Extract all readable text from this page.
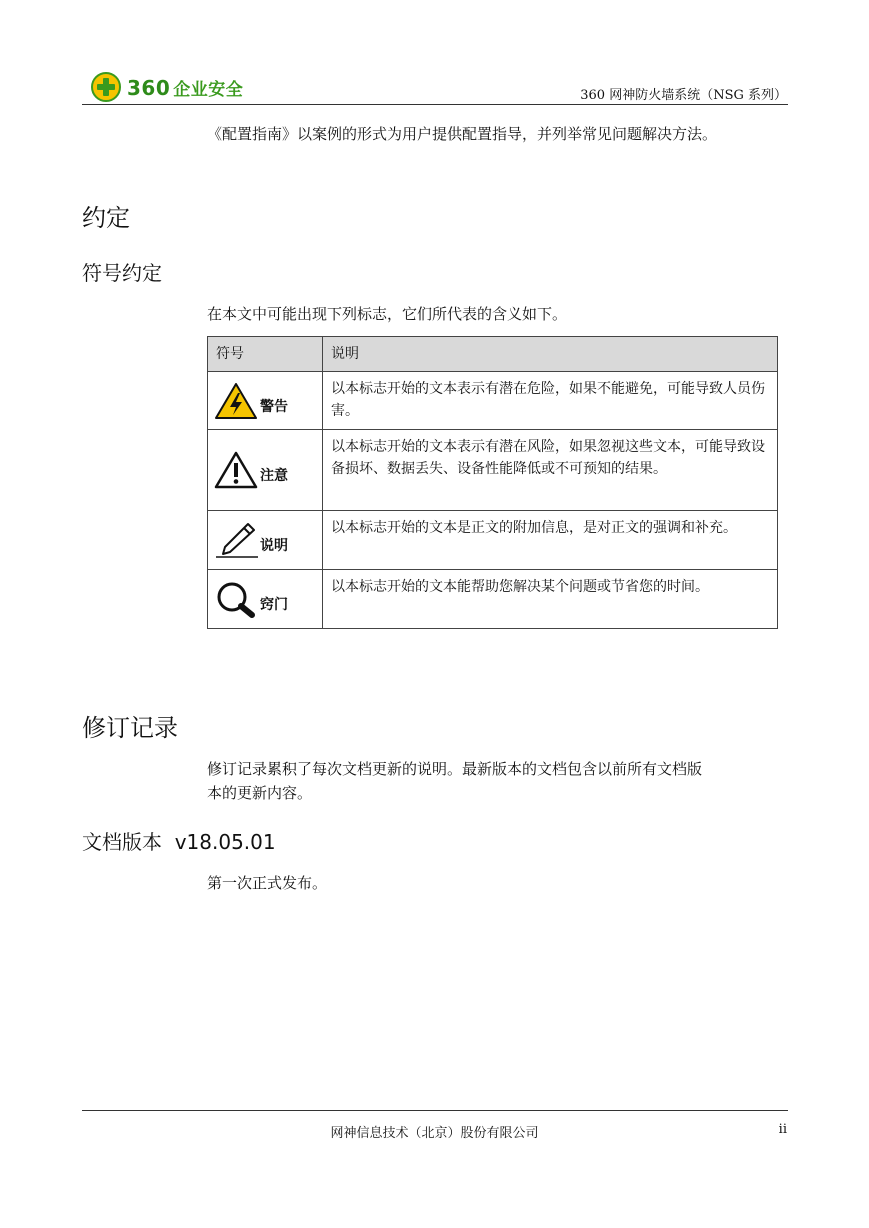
360 企业安全	360 网神防火墙系统（NSG 系列）
《配置指南》以案例的形式为用户提供配置指导，并列举常见问题解决方法。
约定
符号约定
在本文中可能出现下列标志，它们所代表的含义如下。
符号	说明

警告	以本标志开始的文本表示有潜在危险，如果不能避免，可能导致人员伤害。

注意	以本标志开始的文本表示有潜在风险，如果忽视这些文本，可能导致设备损坏、数据丢失、设备性能降低或不可预知的结果。

说明	以本标志开始的文本是正文的附加信息，是对正文的强调和补充。

窍门	以本标志开始的文本能帮助您解决某个问题或节省您的时间。
修订记录
修订记录累积了每次文档更新的说明。最新版本的文档包含以前所有文档版
本的更新内容。
文档版本  v18.05.01
第一次正式发布。
网神信息技术（北京）股份有限公司	ii
